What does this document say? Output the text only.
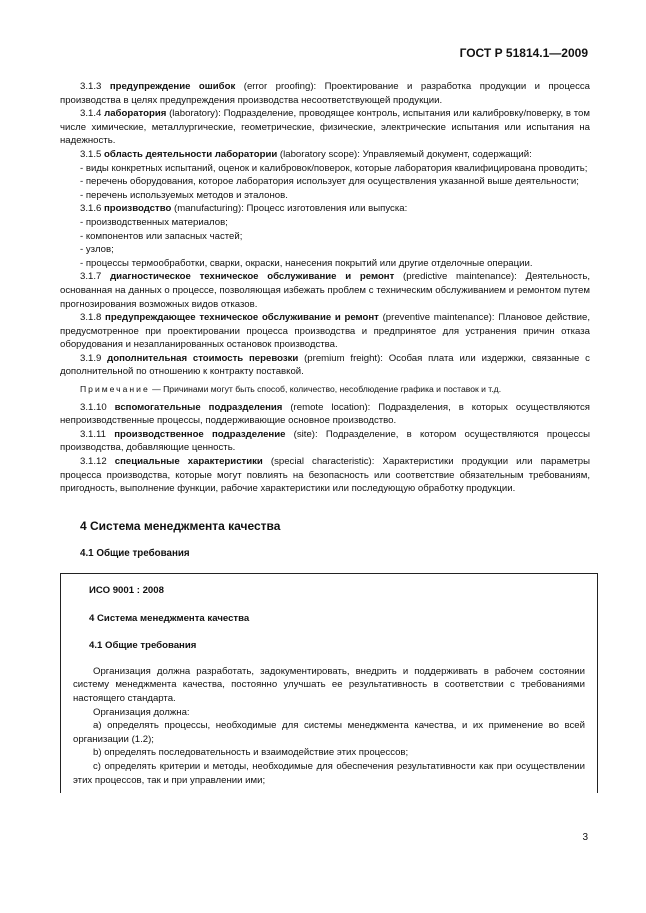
ГОСТ Р 51814.1—2009

3.1.3 предупреждение ошибок (error proofing): Проектирование и разработка продукции и процесса производства в целях предупреждения производства несоответствующей продукции.

3.1.4 лаборатория (laboratory): Подразделение, проводящее контроль, испытания или калибровку/поверку, в том числе химические, металлургические, геометрические, физические, электрические испытания или испытания на надежность.

3.1.5 область деятельности лаборатории (laboratory scope): Управляемый документ, содержащий:

- виды конкретных испытаний, оценок и калибровок/поверок, которые лаборатория квалифицирована проводить;

- перечень оборудования, которое лаборатория использует для осуществления указанной выше деятельности;

- перечень используемых методов и эталонов.

3.1.6 производство (manufacturing): Процесс изготовления или выпуска:

- производственных материалов;

- компонентов или запасных частей;

- узлов;

- процессы термообработки, сварки, окраски, нанесения покрытий или другие отделочные операции.

3.1.7 диагностическое техническое обслуживание и ремонт (predictive maintenance): Деятельность, основанная на данных о процессе, позволяющая избежать проблем с техническим обслуживанием и ремонтом путем прогнозирования возможных видов отказов.

3.1.8 предупреждающее техническое обслуживание и ремонт (preventive maintenance): Плановое действие, предусмотренное при проектировании процесса производства и предпринятое для устранения причин отказа оборудования и незапланированных остановок производства.

3.1.9 дополнительная стоимость перевозки (premium freight): Особая плата или издержки, связанные с дополнительной по отношению к контракту поставкой.

Примечание — Причинами могут быть способ, количество, несоблюдение графика и поставок и т.д.

3.1.10 вспомогательные подразделения (remote location): Подразделения, в которых осуществляются непроизводственные процессы, поддерживающие основное производство.

3.1.11 производственное подразделение (site): Подразделение, в котором осуществляются процессы производства, добавляющие ценность.

3.1.12 специальные характеристики (special characteristic): Характеристики продукции или параметры процесса производства, которые могут повлиять на безопасность или соответствие обязательным требованиям, пригодность, выполнение функции, рабочие характеристики или последующую обработку продукции.

4 Система менеджмента качества

4.1 Общие требования

ИСО 9001 : 2008

4 Система менеджмента качества

4.1 Общие требования

Организация должна разработать, задокументировать, внедрить и поддерживать в рабочем состоянии систему менеджмента качества, постоянно улучшать ее результативность в соответствии с требованиями настоящего стандарта.

Организация должна:

a) определять процессы, необходимые для системы менеджмента качества, и их применение во всей организации (1.2);

b) определять последовательность и взаимодействие этих процессов;

c) определять критерии и методы, необходимые для обеспечения результативности как при осуществлении этих процессов, так и при управлении ими;

3
